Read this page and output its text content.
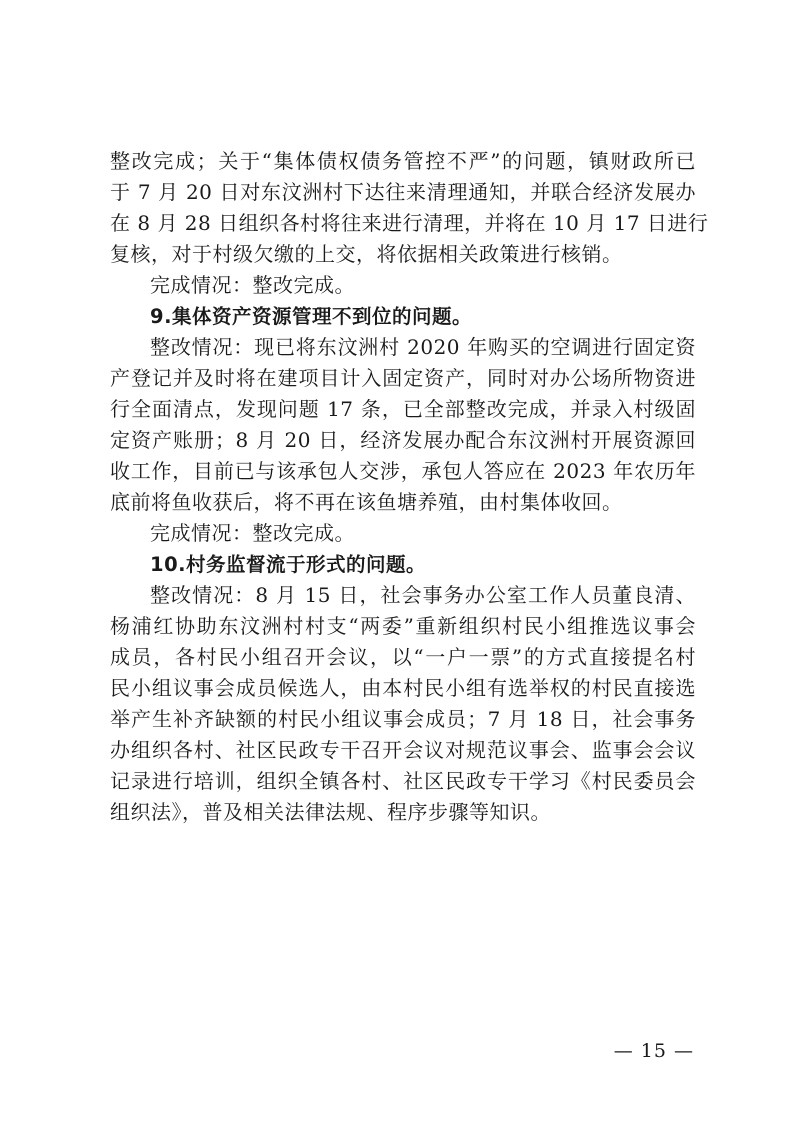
整改完成；关于“集体债权债务管控不严”的问题，镇财政所已
于 7 月 20 日对东汶洲村下达往来清理通知，并联合经济发展办
在 8 月 28 日组织各村将往来进行清理，并将在 10 月 17 日进行
复核，对于村级欠缴的上交，将依据相关政策进行核销。
完成情况：整改完成。
9.集体资产资源管理不到位的问题。
整改情况：现已将东汶洲村 2020 年购买的空调进行固定资
产登记并及时将在建项目计入固定资产，同时对办公场所物资进
行全面清点，发现问题 17 条，已全部整改完成，并录入村级固
定资产账册；8 月 20 日，经济发展办配合东汶洲村开展资源回
收工作，目前已与该承包人交涉，承包人答应在 2023 年农历年
底前将鱼收获后，将不再在该鱼塘养殖，由村集体收回。
完成情况：整改完成。
10.村务监督流于形式的问题。
整改情况：8 月 15 日，社会事务办公室工作人员董良清、
杨浦红协助东汶洲村村支“两委”重新组织村民小组推选议事会
成员，各村民小组召开会议，以“一户一票”的方式直接提名村
民小组议事会成员候选人，由本村民小组有选举权的村民直接选
举产生补齐缺额的村民小组议事会成员；7 月 18 日，社会事务
办组织各村、社区民政专干召开会议对规范议事会、监事会会议
记录进行培训，组织全镇各村、社区民政专干学习《村民委员会
组织法》，普及相关法律法规、程序步骤等知识。
— 15 —
